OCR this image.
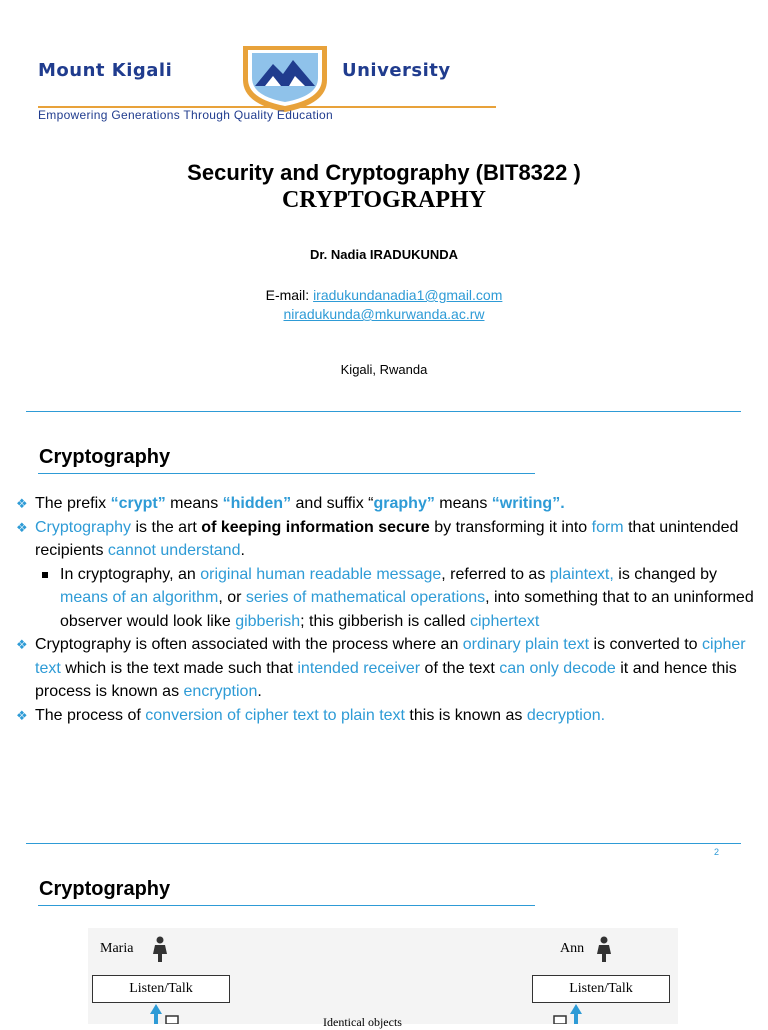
Mount Kigali	University
Empowering Generations Through Quality Education
Security and Cryptography (BIT8322 )
CRYPTOGRAPHY
Dr. Nadia IRADUKUNDA
E-mail: iradukundanadia1@gmail.com
niradukunda@mkurwanda.ac.rw
Kigali, Rwanda
Cryptography
❖ The prefix “crypt” means “hidden” and suffix “graphy” means “writing”.
❖ Cryptography is the art of keeping information secure by transforming it into form that unintended recipients cannot understand.
In cryptography, an original human readable message, referred to as plaintext, is changed by means of an algorithm, or series of mathematical operations, into something that to an uninformed observer would look like gibberish; this gibberish is called ciphertext
❖ Cryptography is often associated with the process where an ordinary plain text is converted to cipher text which is the text made such that intended receiver of the text can only decode it and hence this process is known as encryption.
❖ The process of conversion of cipher text to plain text this is known as decryption.
2
Cryptography
Maria
Listen/Talk
Ann
Listen/Talk
Identical objects
